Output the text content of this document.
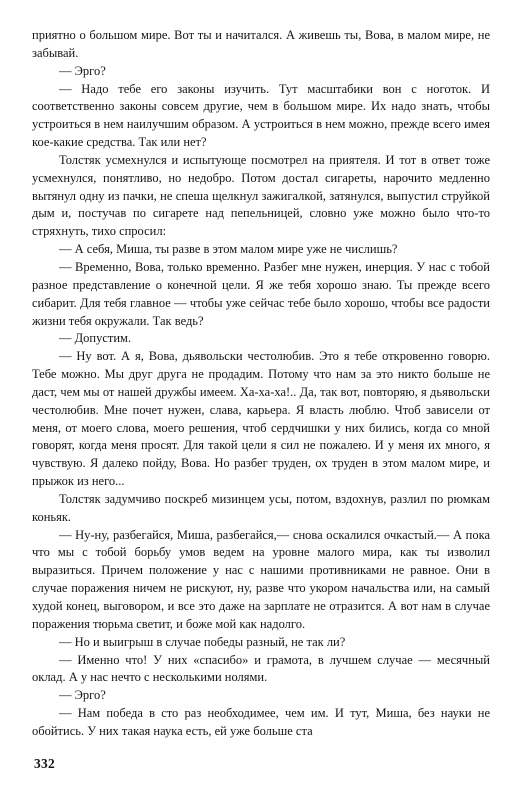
приятно о большом мире. Вот ты и начитался. А живешь ты, Вова, в малом мире, не забывай.

— Эрго?

— Надо тебе его законы изучить. Тут масштабики вон с ноготок. И соответственно законы совсем другие, чем в большом мире. Их надо знать, чтобы устроиться в нем наилучшим образом. А устроиться в нем можно, прежде всего имея кое-какие средства. Так или нет?

Толстяк усмехнулся и испытующе посмотрел на приятеля. И тот в ответ тоже усмехнулся, понятливо, но недобро. Потом достал сигареты, нарочито медленно вытянул одну из пачки, не спеша щелкнул зажигалкой, затянулся, выпустил струйкой дым и, постучав по сигарете над пепельницей, словно уже можно было что-то стряхнуть, тихо спросил:

— А себя, Миша, ты разве в этом малом мире уже не числишь?

— Временно, Вова, только временно. Разбег мне нужен, инерция. У нас с тобой разное представление о конечной цели. Я же тебя хорошо знаю. Ты прежде всего сибарит. Для тебя главное — чтобы уже сейчас тебе было хорошо, чтобы все радости жизни тебя окружали. Так ведь?

— Допустим.

— Ну вот. А я, Вова, дьявольски честолюбив. Это я тебе откровенно говорю. Тебе можно. Мы друг друга не продадим. Потому что нам за это никто больше не даст, чем мы от нашей дружбы имеем. Ха-ха-ха!.. Да, так вот, повторяю, я дьявольски честолюбив. Мне почет нужен, слава, карьера. Я власть люблю. Чтоб зависели от меня, от моего слова, моего решения, чтоб сердчишки у них бились, когда со мной говорят, когда меня просят. Для такой цели я сил не пожалею. И у меня их много, я чувствую. Я далеко пойду, Вова. Но разбег труден, ох труден в этом малом мире, и прыжок из него...

Толстяк задумчиво поскреб мизинцем усы, потом, вздохнув, разлил по рюмкам коньяк.

— Ну-ну, разбегайся, Миша, разбегайся,— снова оскалился очкастый.— А пока что мы с тобой борьбу умов ведем на уровне малого мира, как ты изволил выразиться. Причем положение у нас с нашими противниками не равное. Они в случае поражения ничем не рискуют, ну, разве что укором начальства или, на самый худой конец, выговором, и все это даже на зарплате не отразится. А вот нам в случае поражения тюрьма светит, и боже мой как надолго.

— Но и выигрыш в случае победы разный, не так ли?

— Именно что! У них «спасибо» и грамота, в лучшем случае — месячный оклад. А у нас нечто с несколькими нолями.

— Эрго?

— Нам победа в сто раз необходимее, чем им. И тут, Миша, без науки не обойтись. У них такая наука есть, ей уже больше ста

332
